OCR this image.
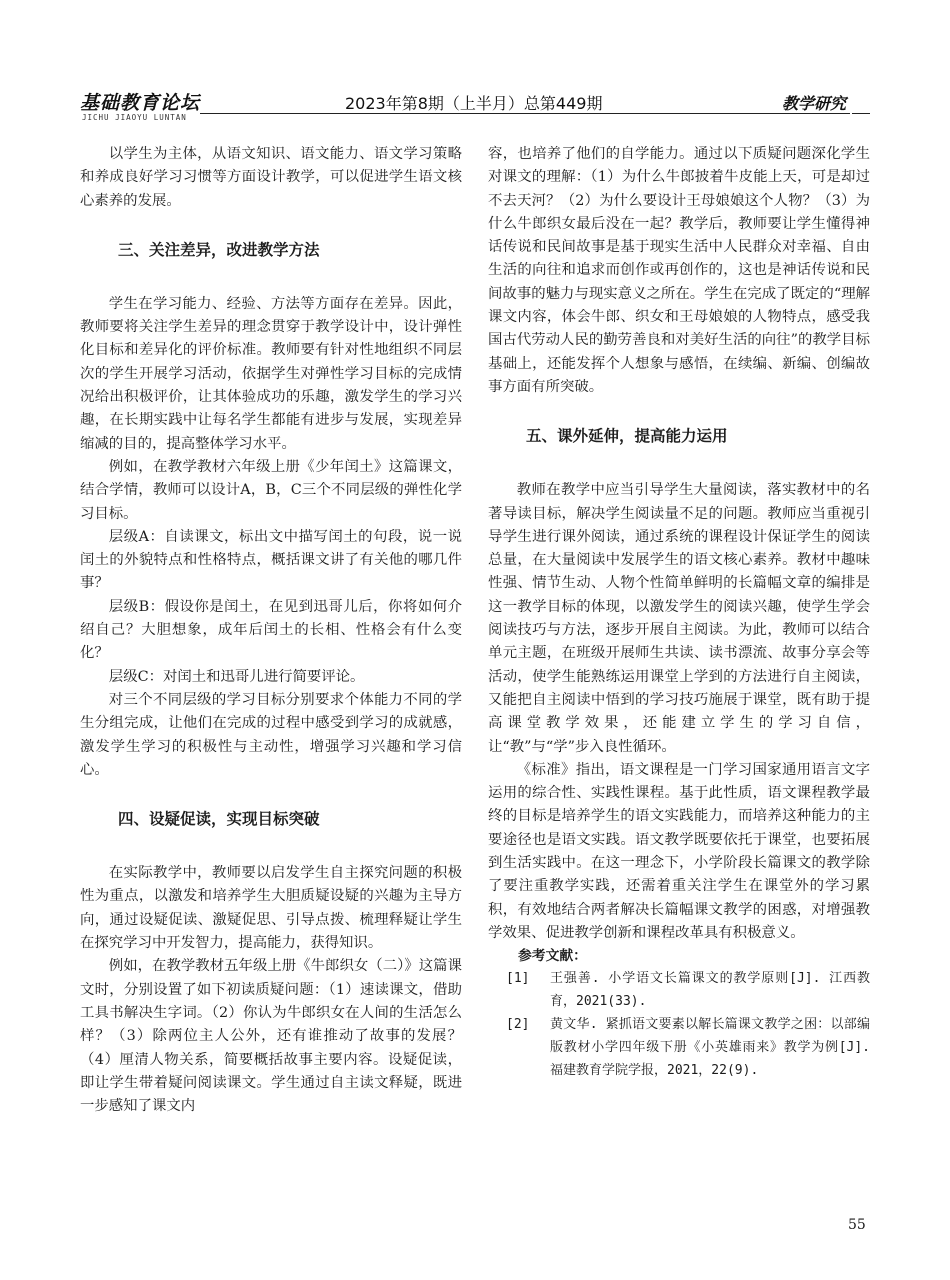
基础教育论坛
JICHU JIAOYU LUNTAN
2023年第8期（上半月）总第449期	教学研究

以学生为主体，从语文知识、语文能力、语文学习策略和养成良好学习习惯等方面设计教学，可以促进学生语文核心素养的发展。

三、关注差异，改进教学方法

学生在学习能力、经验、方法等方面存在差异。因此，教师要将关注学生差异的理念贯穿于教学设计中，设计弹性化目标和差异化的评价标准。教师要有针对性地组织不同层次的学生开展学习活动，依据学生对弹性学习目标的完成情况给出积极评价，让其体验成功的乐趣，激发学生的学习兴趣，在长期实践中让每名学生都能有进步与发展，实现差异缩减的目的，提高整体学习水平。

例如，在教学教材六年级上册《少年闰土》这篇课文，结合学情，教师可以设计A，B，C三个不同层级的弹性化学习目标。

层级A：自读课文，标出文中描写闰土的句段，说一说闰土的外貌特点和性格特点，概括课文讲了有关他的哪几件事？

层级B：假设你是闰土，在见到迅哥儿后，你将如何介绍自己？大胆想象，成年后闰土的长相、性格会有什么变化？

层级C：对闰土和迅哥儿进行简要评论。

对三个不同层级的学习目标分别要求个体能力不同的学生分组完成，让他们在完成的过程中感受到学习的成就感，激发学生学习的积极性与主动性，增强学习兴趣和学习信心。

四、设疑促读，实现目标突破

在实际教学中，教师要以启发学生自主探究问题的积极性为重点，以激发和培养学生大胆质疑设疑的兴趣为主导方向，通过设疑促读、激疑促思、引导点拨、梳理释疑让学生在探究学习中开发智力，提高能力，获得知识。

例如，在教学教材五年级上册《牛郎织女（二）》这篇课文时，分别设置了如下初读质疑问题：（1）速读课文，借助工具书解决生字词。（2）你认为牛郎织女在人间的生活怎么样？（3）除两位主人公外，还有谁推动了故事的发展？（4）厘清人物关系，简要概括故事主要内容。设疑促读，即让学生带着疑问阅读课文。学生通过自主读文释疑，既进一步感知了课文内

容，也培养了他们的自学能力。通过以下质疑问题深化学生对课文的理解：（1）为什么牛郎披着牛皮能上天，可是却过不去天河？（2）为什么要设计王母娘娘这个人物？（3）为什么牛郎织女最后没在一起？教学后，教师要让学生懂得神话传说和民间故事是基于现实生活中人民群众对幸福、自由生活的向往和追求而创作或再创作的，这也是神话传说和民间故事的魅力与现实意义之所在。学生在完成了既定的“理解课文内容，体会牛郎、织女和王母娘娘的人物特点，感受我国古代劳动人民的勤劳善良和对美好生活的向往”的教学目标基础上，还能发挥个人想象与感悟，在续编、新编、创编故事方面有所突破。

五、课外延伸，提高能力运用

教师在教学中应当引导学生大量阅读，落实教材中的名著导读目标，解决学生阅读量不足的问题。教师应当重视引导学生进行课外阅读，通过系统的课程设计保证学生的阅读总量，在大量阅读中发展学生的语文核心素养。教材中趣味性强、情节生动、人物个性简单鲜明的长篇幅文章的编排是这一教学目标的体现，以激发学生的阅读兴趣，使学生学会阅读技巧与方法，逐步开展自主阅读。为此，教师可以结合单元主题，在班级开展师生共读、读书漂流、故事分享会等活动，使学生能熟练运用课堂上学到的方法进行自主阅读，又能把自主阅读中悟到的学习技巧施展于课堂，既有助于提高课堂教学效果，还能建立学生的学习自信，让“教”与“学”步入良性循环。

《标准》指出，语文课程是一门学习国家通用语言文字运用的综合性、实践性课程。基于此性质，语文课程教学最终的目标是培养学生的语文实践能力，而培养这种能力的主要途径也是语文实践。语文教学既要依托于课堂，也要拓展到生活实践中。在这一理念下，小学阶段长篇课文的教学除了要注重教学实践，还需着重关注学生在课堂外的学习累积，有效地结合两者解决长篇幅课文教学的困惑，对增强教学效果、促进教学创新和课程改革具有积极意义。

参考文献：
[1]	王强善. 小学语文长篇课文的教学原则[J]. 江西教育，2021(33).
[2]	黄文华. 紧抓语文要素以解长篇课文教学之困：以部编版教材小学四年级下册《小英雄雨来》教学为例[J]. 福建教育学院学报，2021，22(9).
55
